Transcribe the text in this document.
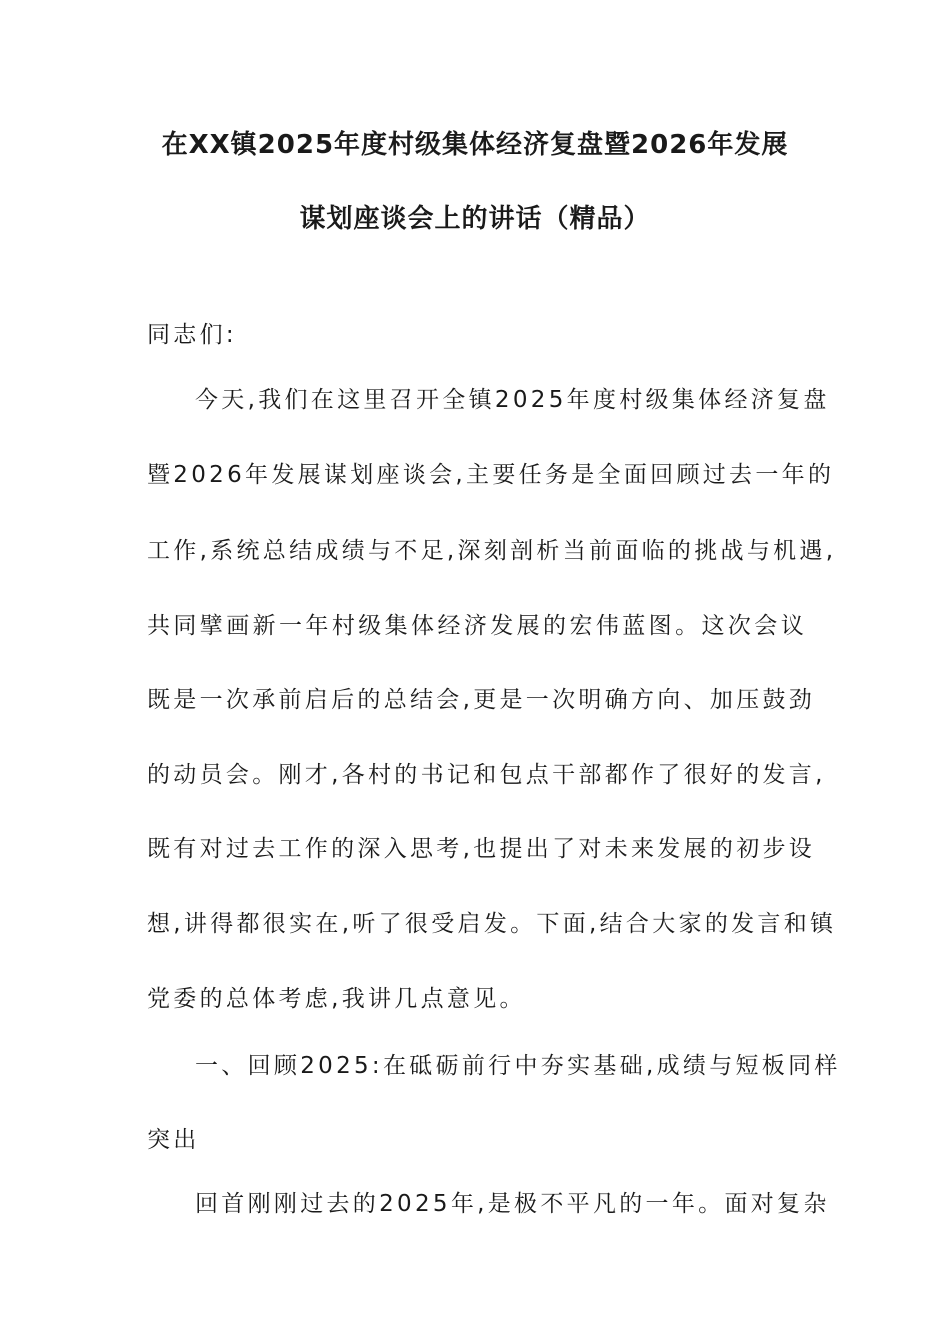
在XX镇2025年度村级集体经济复盘暨2026年发展
谋划座谈会上的讲话（精品）
同志们:
今天,我们在这里召开全镇2025年度村级集体经济复盘
暨2026年发展谋划座谈会,主要任务是全面回顾过去一年的
工作,系统总结成绩与不足,深刻剖析当前面临的挑战与机遇,
共同擘画新一年村级集体经济发展的宏伟蓝图。这次会议
既是一次承前启后的总结会,更是一次明确方向、加压鼓劲
的动员会。刚才,各村的书记和包点干部都作了很好的发言,
既有对过去工作的深入思考,也提出了对未来发展的初步设
想,讲得都很实在,听了很受启发。下面,结合大家的发言和镇
党委的总体考虑,我讲几点意见。
一、回顾2025:在砥砺前行中夯实基础,成绩与短板同样
突出
回首刚刚过去的2025年,是极不平凡的一年。面对复杂
